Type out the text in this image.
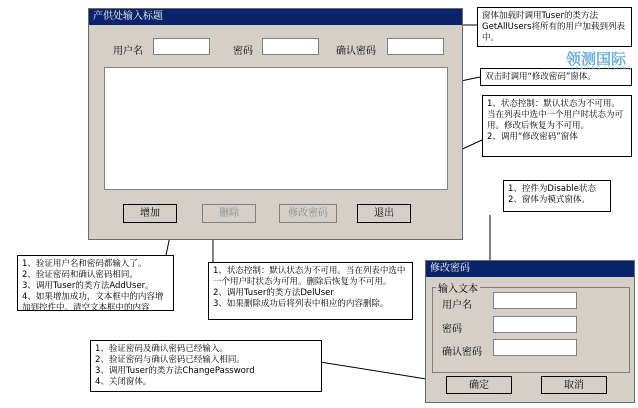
产供处输入标题
用户名	密码	确认密码
增加	删除	修改密码	退出
修改密码
输入文本
用户名
密码
确认密码
确定	取消
窗体加载时调用Tuser的类方法GetAllUsers将所有的用户加载到列表中。
双击时调用“修改密码”窗体。
1、状态控制：默认状态为不可用。当在列表中选中一个用户时状态为可用。修改后恢复为不可用。
2、调用“修改密码”窗体
1、验证用户名和密码都输入了。
2、验证密码和确认密码相同。
3、调用Tuser的类方法AddUser。
4、如果增加成功，文本框中的内容增加到控件中。清空文本框中的内容
1、状态控制：默认状态为不可用。当在列表中选中一个用户时状态为可用。删除后恢复为不可用。
2、调用Tuser的类方法DelUser
3、如果删除成功后将列表中相应的内容删除。
1、控件为Disable状态
2、窗体为模式窗体。
1、验证密码及确认密码已经输入。
2、验证密码与确认密码已经输入相同。
3、调用Tuser的类方法ChangePassword
4、关闭窗体。
领测国际
LEADING TESTING
